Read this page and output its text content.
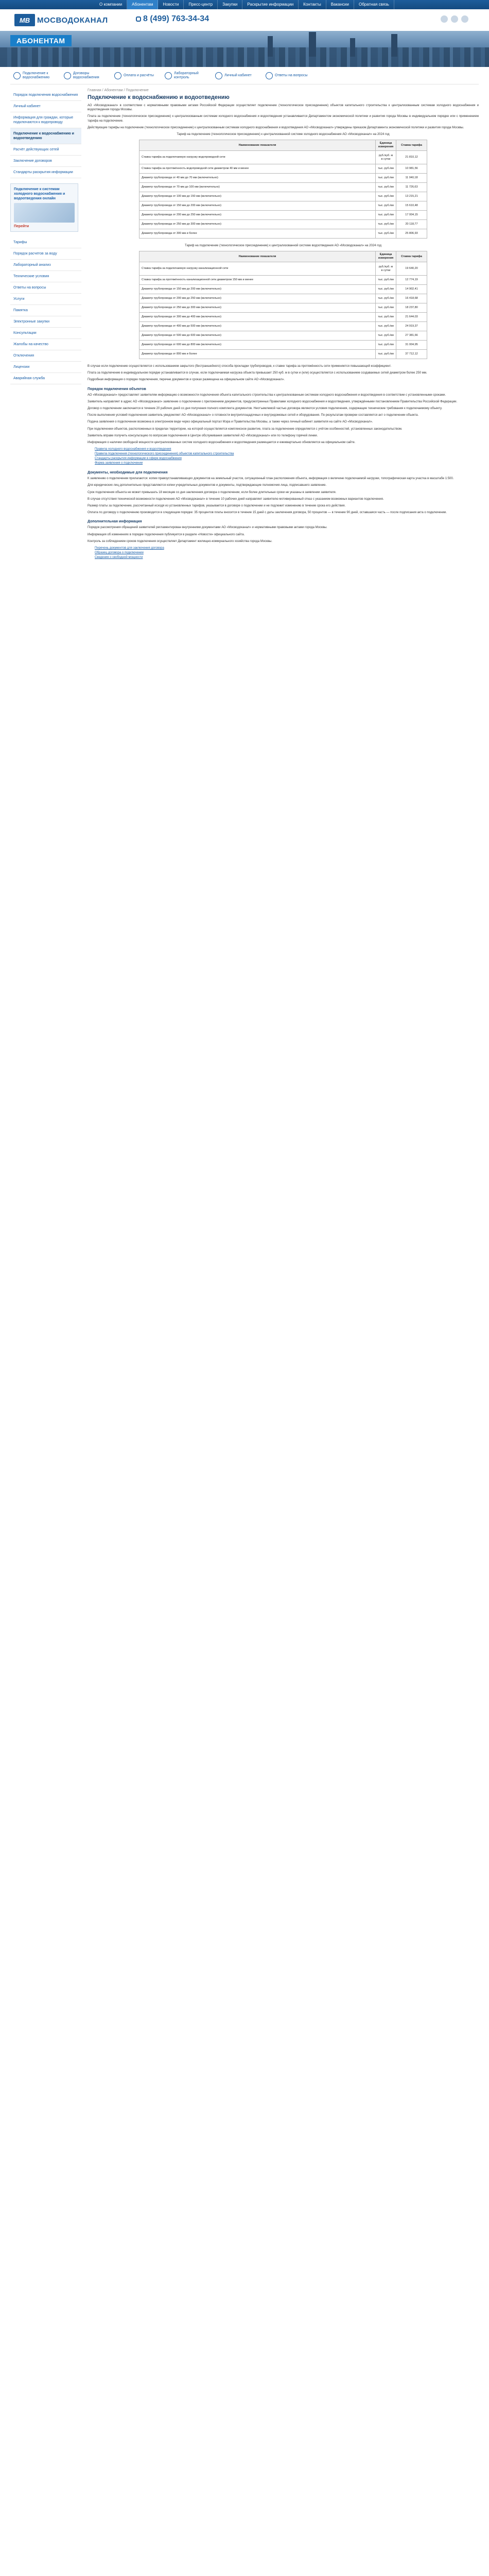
О компании	Абонентам	Новости	Пресс-центр	Закупки	Раскрытие информации	Контакты	Вакансии	Обратная связь
МВ МОСВОДОКАНАЛ	8 (499) 763-34-34
АБОНЕНТАМ
Подключение к водоснабжению
Договоры водоснабжения
Оплата и расчёты
Лабораторный контроль
Личный кабинет	Ответы на вопросы
Порядок подключения водоснабжения
Личный кабинет
Информация для граждан, которые подключаются к водопроводу
Подключение к водоснабжению и водоотведению
Расчёт действующих сетей
Заключение договоров
Стандарты раскрытия информации
Подключение к системам холодного водоснабжения и водоотведения онлайн
Перейти
Тарифы
Порядок расчетов за воду
Лабораторный анализ
Технические условия
Ответы на вопросы
Услуги
Памятка
Электронные закупки
Консультации
Жалобы на качество
Отключения
Лицензии
Аварийная служба
Главная / Абонентам / Подключение
Подключение к водоснабжению и водоотведению

АО «Мосводоканал» в соответствии с нормативными правовыми актами Российской Федерации осуществляет подключение (технологическое присоединение) объектов капитального строительства к централизованным системам холодного водоснабжения и водоотведения города Москвы.

Плата за подключение (технологическое присоединение) к централизованным системам холодного водоснабжения и водоотведения устанавливается Департаментом экономической политики и развития города Москвы в индивидуальном порядке или с применением тарифа на подключение.

Действующие тарифы на подключение (технологическое присоединение) к централизованным системам холодного водоснабжения и водоотведения АО «Мосводоканал» утверждены приказом Департамента экономической политики и развития города Москвы.

Тариф на подключение (технологическое присоединение) к централизованной системе холодного водоснабжения АО «Мосводоканал» на 2024 год
Наименование показателя	Единица измерения	Ставка тарифа
Ставка тарифа за подключаемую нагрузку водопроводной сети	руб./куб. м в сутки	21 810,12
Ставка тарифа за протяжённость водопроводной сети диаметром 40 мм и менее	тыс. руб./км	10 981,56
Диаметр трубопровода от 40 мм до 70 мм (включительно)	тыс. руб./км	11 040,18
Диаметр трубопровода от 70 мм до 100 мм (включительно)	тыс. руб./км	11 726,63
Диаметр трубопровода от 100 мм до 150 мм (включительно)	тыс. руб./км	13 215,21
Диаметр трубопровода от 150 мм до 200 мм (включительно)	тыс. руб./км	15 610,48
Диаметр трубопровода от 200 мм до 250 мм (включительно)	тыс. руб./км	17 004,15
Диаметр трубопровода от 250 мм до 300 мм (включительно)	тыс. руб./км	20 118,77
Диаметр трубопровода от 300 мм и более	тыс. руб./км	25 806,93
Тариф на подключение (технологическое присоединение) к централизованной системе водоотведения АО «Мосводоканал» на 2024 год
Наименование показателя	Единица измерения	Ставка тарифа
Ставка тарифа за подключаемую нагрузку канализационной сети	руб./куб. м в сутки	19 640,20
Ставка тарифа за протяжённость канализационной сети диаметром 150 мм и менее	тыс. руб./км	12 774,19
Диаметр трубопровода от 150 мм до 200 мм (включительно)	тыс. руб./км	14 902,41
Диаметр трубопровода от 200 мм до 250 мм (включительно)	тыс. руб./км	16 418,68
Диаметр трубопровода от 250 мм до 300 мм (включительно)	тыс. руб./км	18 237,80
Диаметр трубопровода от 300 мм до 400 мм (включительно)	тыс. руб./км	21 644,03
Диаметр трубопровода от 400 мм до 500 мм (включительно)	тыс. руб./км	24 919,37
Диаметр трубопровода от 500 мм до 600 мм (включительно)	тыс. руб./км	27 381,66
Диаметр трубопровода от 600 мм до 800 мм (включительно)	тыс. руб./км	31 004,95
Диаметр трубопровода от 800 мм и более	тыс. руб./км	37 712,12

В случае если подключение осуществляется с использованием закрытого (бестраншейного) способа прокладки трубопроводов, к ставке тарифа за протяжённость сети применяется повышающий коэффициент.

Плата за подключение в индивидуальном порядке устанавливается в случае, если подключаемая нагрузка объекта превышает 250 куб. м в сутки и (или) осуществляется с использованием создаваемых сетей диаметром более 250 мм.

Подробная информация о порядке подключения, перечне документов и сроках размещена на официальном сайте АО «Мосводоканал».

Порядок подключения объектов

АО «Мосводоканал» предоставляет заявителям информацию о возможности подключения объекта капитального строительства к централизованным системам холодного водоснабжения и водоотведения в соответствии с установленными сроками.

Заявитель направляет в адрес АО «Мосводоканал» заявление о подключении с приложением документов, предусмотренных Правилами холодного водоснабжения и водоотведения, утверждёнными постановлением Правительства Российской Федерации.

Договор о подключении заключается в течение 20 рабочих дней со дня получения полного комплекта документов. Неотъемлемой частью договора являются условия подключения, содержащие технические требования к подключаемому объекту.

После выполнения условий подключения заявитель уведомляет АО «Мосводоканал» о готовности внутриплощадочных и внутридомовых сетей и оборудования. По результатам проверки составляется акт о подключении объекта.

Подача заявления о подключении возможна в электронном виде через официальный портал Мэра и Правительства Москвы, а также через личный кабинет заявителя на сайте АО «Мосводоканал».

При подключении объектов, расположенных в пределах территории, на которой осуществляется комплексное развитие, плата за подключение определяется с учётом особенностей, установленных законодательством.

Заявитель вправе получить консультацию по вопросам подключения в Центре обслуживания заявителей АО «Мосводоканал» или по телефону горячей линии.

Информация о наличии свободной мощности централизованных систем холодного водоснабжения и водоотведения размещается и ежеквартально обновляется на официальном сайте.

Правила холодного водоснабжения и водоотведения
Правила подключения (технологического присоединения) объектов капитального строительства
Стандарты раскрытия информации в сфере водоснабжения
Форма заявления о подключении
Документы, необходимые для подключения

К заявлению о подключении прилагаются: копии правоустанавливающих документов на земельный участок, ситуационный план расположения объекта, информация о величине подключаемой нагрузки, топографическая карта участка в масштабе 1:500.

Для юридических лиц дополнительно представляются копии учредительных документов и документы, подтверждающие полномочия лица, подписавшего заявление.

Срок подключения объекта не может превышать 18 месяцев со дня заключения договора о подключении, если более длительные сроки не указаны в заявлении заявителя.

В случае отсутствия технической возможности подключения АО «Мосводоканал» в течение 10 рабочих дней направляет заявителю мотивированный отказ с указанием возможных вариантов подключения.

Размер платы за подключение, рассчитанный исходя из установленных тарифов, указывается в договоре о подключении и не подлежит изменению в течение срока его действия.

Оплата по договору о подключению производится в следующем порядке: 35 процентов платы вносится в течение 15 дней с даты заключения договора, 50 процентов — в течение 90 дней, оставшаяся часть — после подписания акта о подключении.

Дополнительная информация

Порядок рассмотрения обращений заявителей регламентирован внутренними документами АО «Мосводоканал» и нормативными правовыми актами города Москвы.

Информация об изменениях в порядке подключения публикуется в разделе «Новости» официального сайта.

Контроль за соблюдением сроков подключения осуществляет Департамент жилищно-коммунального хозяйства города Москвы.

Перечень документов для заключения договора
Образец договора о подключении
Сведения о свободной мощности
